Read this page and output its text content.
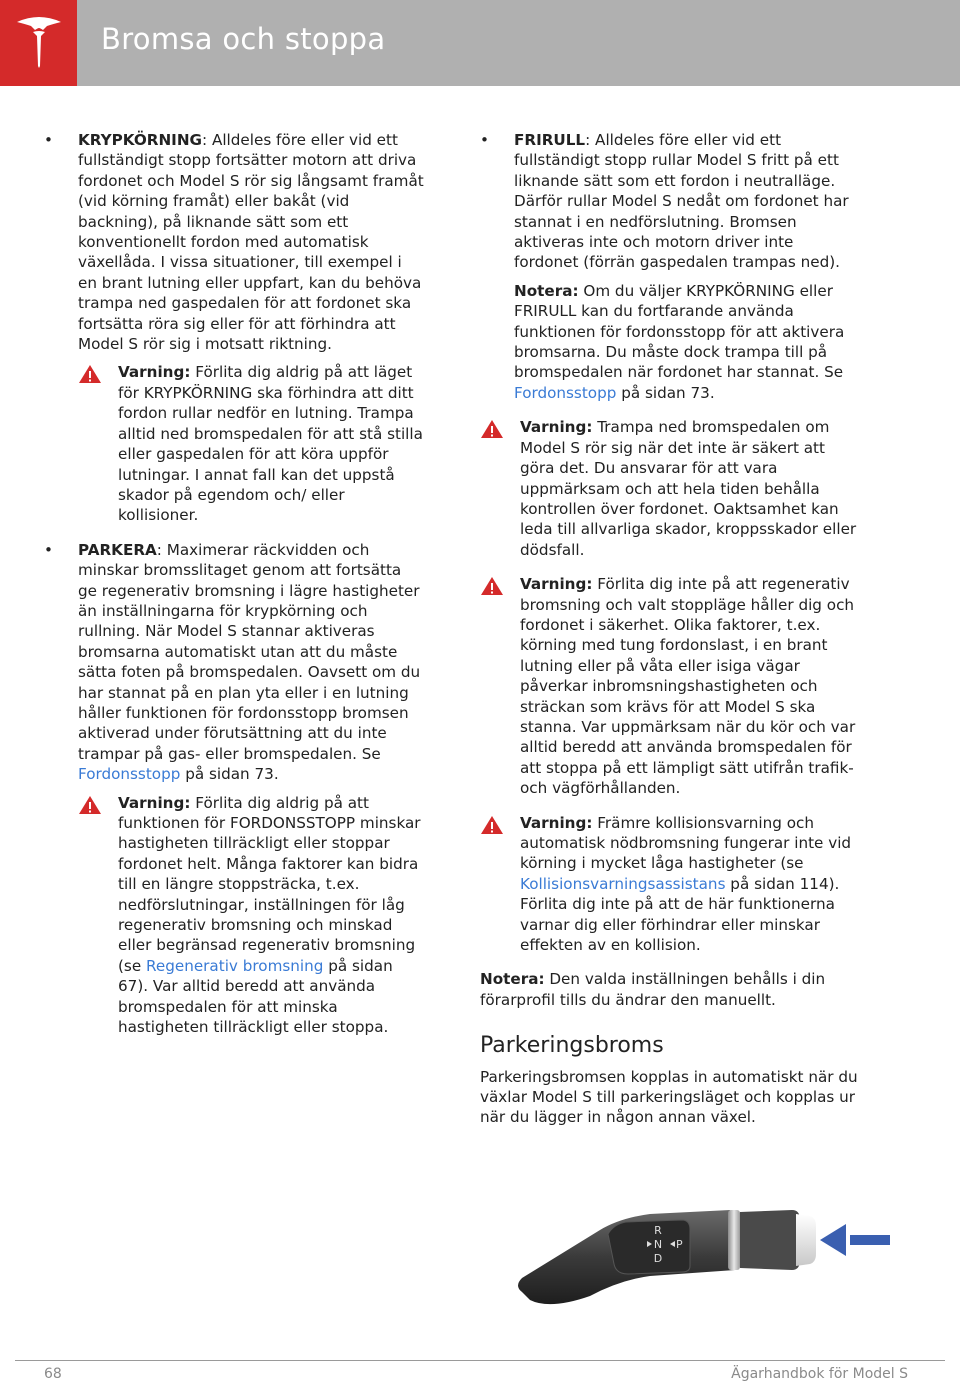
Bromsa och stoppa
•	KRYPKÖRNING: Alldeles före eller vid ett fullständigt stopp fortsätter motorn att driva fordonet och Model S rör sig långsamt framåt (vid körning framåt) eller bakåt (vid backning), på liknande sätt som ett konventionellt fordon med automatisk växellåda. I vissa situationer, till exempel i en brant lutning eller uppfart, kan du behöva trampa ned gaspedalen för att fordonet ska fortsätta röra sig eller för att förhindra att Model S rör sig i motsatt riktning.
Varning: Förlita dig aldrig på att läget för KRYPKÖRNING ska förhindra att ditt fordon rullar nedför en lutning. Trampa alltid ned bromspedalen för att stå stilla eller gaspedalen för att köra uppför lutningar. I annat fall kan det uppstå skador på egendom och/ eller kollisioner.
•	PARKERA: Maximerar räckvidden och minskar bromsslitaget genom att fortsätta ge regenerativ bromsning i lägre hastigheter än inställningarna för krypkörning och rullning. När Model S stannar aktiveras bromsarna automatiskt utan att du måste sätta foten på bromspedalen. Oavsett om du har stannat på en plan yta eller i en lutning håller funktionen för fordonsstopp bromsen aktiverad under förutsättning att du inte trampar på gas- eller bromspedalen. Se Fordonsstopp på sidan 73.
Varning: Förlita dig aldrig på att funktionen för FORDONSSTOPP minskar hastigheten tillräckligt eller stoppar fordonet helt. Många faktorer kan bidra till en längre stoppsträcka, t.ex. nedförslutningar, inställningen för låg regenerativ bromsning och minskad eller begränsad regenerativ bromsning (se Regenerativ bromsning på sidan 67). Var alltid beredd att använda bromspedalen för att minska hastigheten tillräckligt eller stoppa.
•	FRIRULL: Alldeles före eller vid ett fullständigt stopp rullar Model S fritt på ett liknande sätt som ett fordon i neutralläge. Därför rullar Model S nedåt om fordonet har stannat i en nedförslutning. Bromsen aktiveras inte och motorn driver inte fordonet (förrän gaspedalen trampas ned).
Notera: Om du väljer KRYPKÖRNING eller FRIRULL kan du fortfarande använda funktionen för fordonsstopp för att aktivera bromsarna. Du måste dock trampa till på bromspedalen när fordonet har stannat. Se Fordonsstopp på sidan 73.
Varning: Trampa ned bromspedalen om Model S rör sig när det inte är säkert att göra det. Du ansvarar för att vara uppmärksam och att hela tiden behålla kontrollen över fordonet. Oaktsamhet kan leda till allvarliga skador, kroppsskador eller dödsfall.
Varning: Förlita dig inte på att regenerativ bromsning och valt stoppläge håller dig och fordonet i säkerhet. Olika faktorer, t.ex. körning med tung fordonslast, i en brant lutning eller på våta eller isiga vägar påverkar inbromsningshastigheten och sträckan som krävs för att Model S ska stanna. Var uppmärksam när du kör och var alltid beredd att använda bromspedalen för att stoppa på ett lämpligt sätt utifrån trafik- och vägförhållanden.
Varning: Främre kollisionsvarning och automatisk nödbromsning fungerar inte vid körning i mycket låga hastigheter (se Kollisionsvarningsassistans på sidan 114). Förlita dig inte på att de här funktionerna varnar dig eller förhindrar eller minskar effekten av en kollision.
Notera: Den valda inställningen behålls i din förarprofil tills du ändrar den manuellt.
Parkeringsbroms
Parkeringsbromsen kopplas in automatiskt när du växlar Model S till parkeringsläget och kopplas ur när du lägger in någon annan växel.
R
N
D
P
68	Ägarhandbok för Model S
